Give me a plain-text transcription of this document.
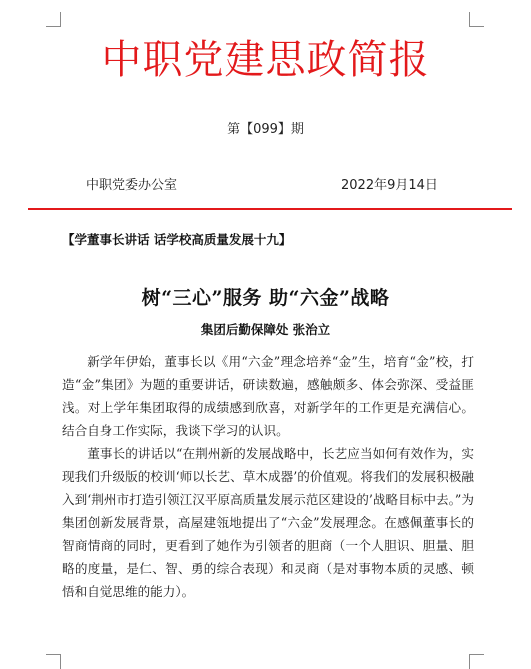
中职党建思政简报
第【099】期
中职党委办公室	2022年9月14日
【学董事长讲话 话学校高质量发展十九】
树“三心”服务 助“六金”战略
集团后勤保障处 张治立

新学年伊始，董事长以《用“六金”理念培养“金”生，培育“金”校，打造“金”集团》为题的重要讲话，研读数遍，感触颇多、体会弥深、受益匪浅。对上学年集团取得的成绩感到欣喜，对新学年的工作更是充满信心。结合自身工作实际，我谈下学习的认识。

董事长的讲话以“在荆州新的发展战略中，长艺应当如何有效作为，实现我们升级版的校训‘师以长艺、草木成器’的价值观。将我们的发展积极融入到‘荆州市打造引领江汉平原高质量发展示范区建设的’战略目标中去。”为集团创新发展背景，高屋建瓴地提出了“六金”发展理念。在感佩董事长的智商情商的同时，更看到了她作为引领者的胆商（一个人胆识、胆量、胆略的度量，是仁、智、勇的综合表现）和灵商（是对事物本质的灵感、顿悟和自觉思维的能力）。
